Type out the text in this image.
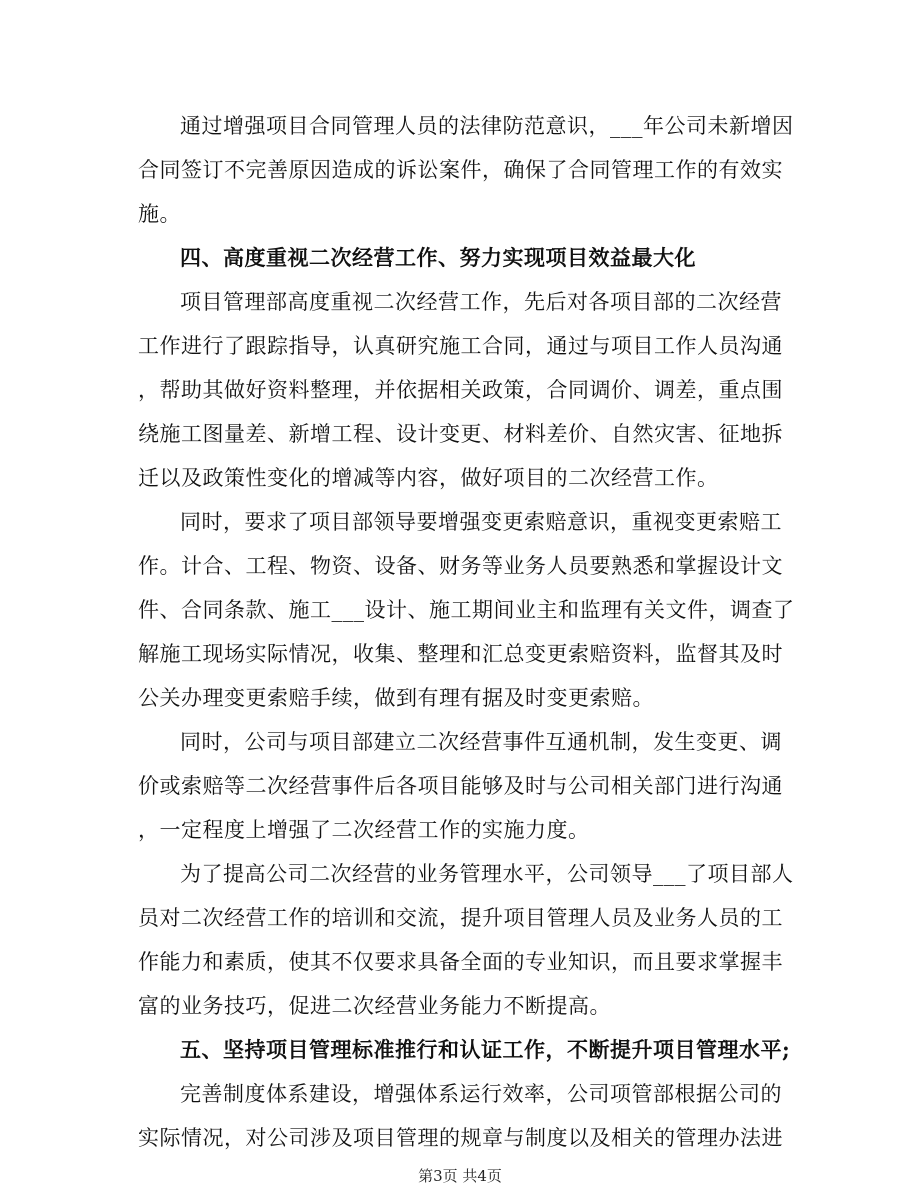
通过增强项目合同管理人员的法律防范意识，___年公司未新增因
合同签订不完善原因造成的诉讼案件，确保了合同管理工作的有效实
施。
四、高度重视二次经营工作、努力实现项目效益最大化
项目管理部高度重视二次经营工作，先后对各项目部的二次经营
工作进行了跟踪指导，认真研究施工合同，通过与项目工作人员沟通
，帮助其做好资料整理，并依据相关政策，合同调价、调差，重点围
绕施工图量差、新增工程、设计变更、材料差价、自然灾害、征地拆
迁以及政策性变化的增减等内容，做好项目的二次经营工作。
同时，要求了项目部领导要增强变更索赔意识，重视变更索赔工
作。计合、工程、物资、设备、财务等业务人员要熟悉和掌握设计文
件、合同条款、施工___设计、施工期间业主和监理有关文件，调查了
解施工现场实际情况，收集、整理和汇总变更索赔资料，监督其及时
公关办理变更索赔手续，做到有理有据及时变更索赔。
同时，公司与项目部建立二次经营事件互通机制，发生变更、调
价或索赔等二次经营事件后各项目能够及时与公司相关部门进行沟通
，一定程度上增强了二次经营工作的实施力度。
为了提高公司二次经营的业务管理水平，公司领导___了项目部人
员对二次经营工作的培训和交流，提升项目管理人员及业务人员的工
作能力和素质，使其不仅要求具备全面的专业知识，而且要求掌握丰
富的业务技巧，促进二次经营业务能力不断提高。
五、坚持项目管理标准推行和认证工作，不断提升项目管理水平;
完善制度体系建设，增强体系运行效率，公司项管部根据公司的
实际情况，对公司涉及项目管理的规章与制度以及相关的管理办法进
第3页 共4页
